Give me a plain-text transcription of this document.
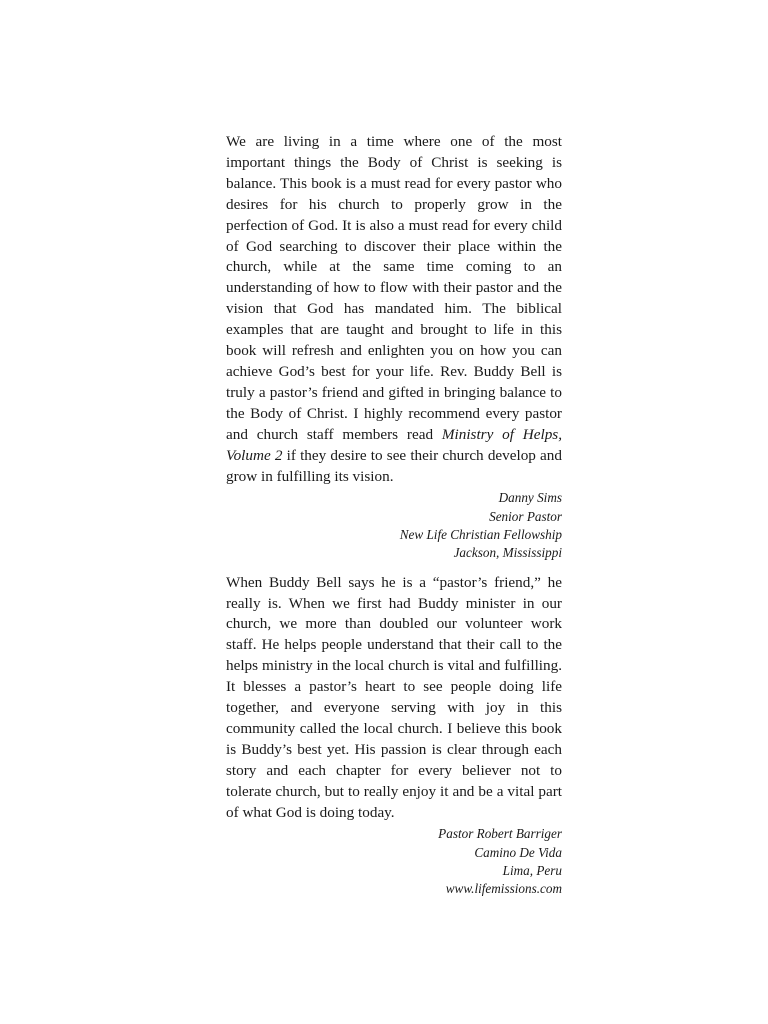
We are living in a time where one of the most important things the Body of Christ is seeking is balance. This book is a must read for every pastor who desires for his church to properly grow in the perfection of God. It is also a must read for every child of God searching to discover their place within the church, while at the same time coming to an understanding of how to flow with their pastor and the vision that God has mandated him. The biblical examples that are taught and brought to life in this book will refresh and enlighten you on how you can achieve God’s best for your life. Rev. Buddy Bell is truly a pastor’s friend and gifted in bringing balance to the Body of Christ. I highly recommend every pastor and church staff members read Ministry of Helps, Volume 2 if they desire to see their church develop and grow in fulfilling its vision.

Danny Sims
Senior Pastor
New Life Christian Fellowship
Jackson, Mississippi

When Buddy Bell says he is a “pastor’s friend,” he really is. When we first had Buddy minister in our church, we more than doubled our volunteer work staff. He helps people understand that their call to the helps ministry in the local church is vital and fulfilling. It blesses a pastor’s heart to see people doing life together, and everyone serving with joy in this community called the local church. I believe this book is Buddy’s best yet. His passion is clear through each story and each chapter for every believer not to tolerate church, but to really enjoy it and be a vital part of what God is doing today.

Pastor Robert Barriger
Camino De Vida
Lima, Peru
www.lifemissions.com
